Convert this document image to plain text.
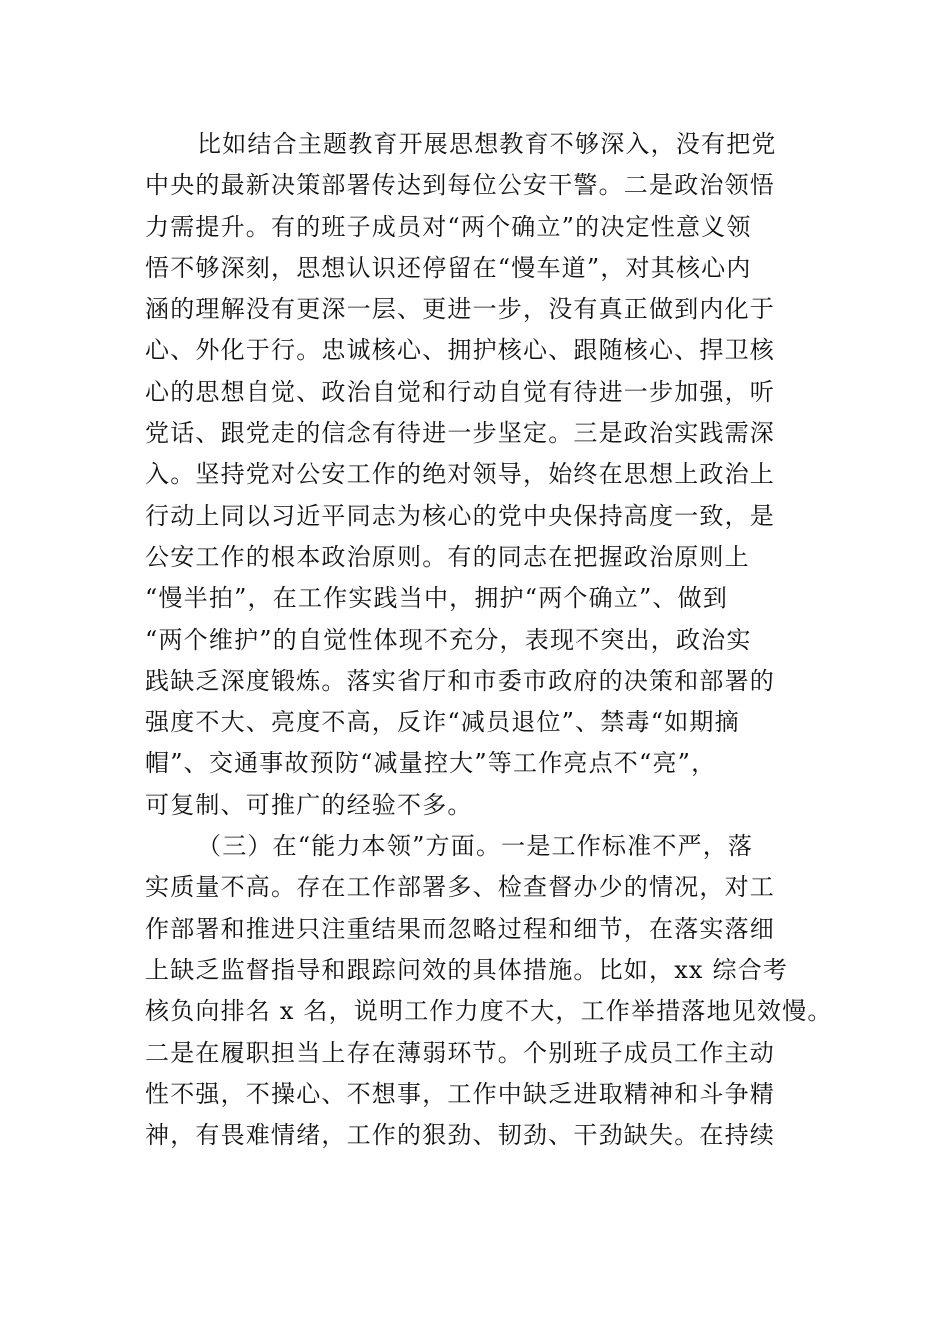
比如结合主题教育开展思想教育不够深入，没有把党
中央的最新决策部署传达到每位公安干警。二是政治领悟
力需提升。有的班子成员对“两个确立”的决定性意义领
悟不够深刻，思想认识还停留在“慢车道”，对其核心内
涵的理解没有更深一层、更进一步，没有真正做到内化于
心、外化于行。忠诚核心、拥护核心、跟随核心、捍卫核
心的思想自觉、政治自觉和行动自觉有待进一步加强，听
党话、跟党走的信念有待进一步坚定。三是政治实践需深
入。坚持党对公安工作的绝对领导，始终在思想上政治上
行动上同以习近平同志为核心的党中央保持高度一致，是
公安工作的根本政治原则。有的同志在把握政治原则上
“慢半拍”，在工作实践当中，拥护“两个确立”、做到
“两个维护”的自觉性体现不充分，表现不突出，政治实
践缺乏深度锻炼。落实省厅和市委市政府的决策和部署的
强度不大、亮度不高，反诈“减员退位”、禁毒“如期摘
帽”、交通事故预防“减量控大”等工作亮点不“亮”，
可复制、可推广的经验不多。
（三）在“能力本领”方面。一是工作标准不严，落
实质量不高。存在工作部署多、检查督办少的情况，对工
作部署和推进只注重结果而忽略过程和细节，在落实落细
上缺乏监督指导和跟踪问效的具体措施。比如，xx 综合考
核负向排名 x 名，说明工作力度不大，工作举措落地见效慢。
二是在履职担当上存在薄弱环节。个别班子成员工作主动
性不强，不操心、不想事，工作中缺乏进取精神和斗争精
神，有畏难情绪，工作的狠劲、韧劲、干劲缺失。在持续
